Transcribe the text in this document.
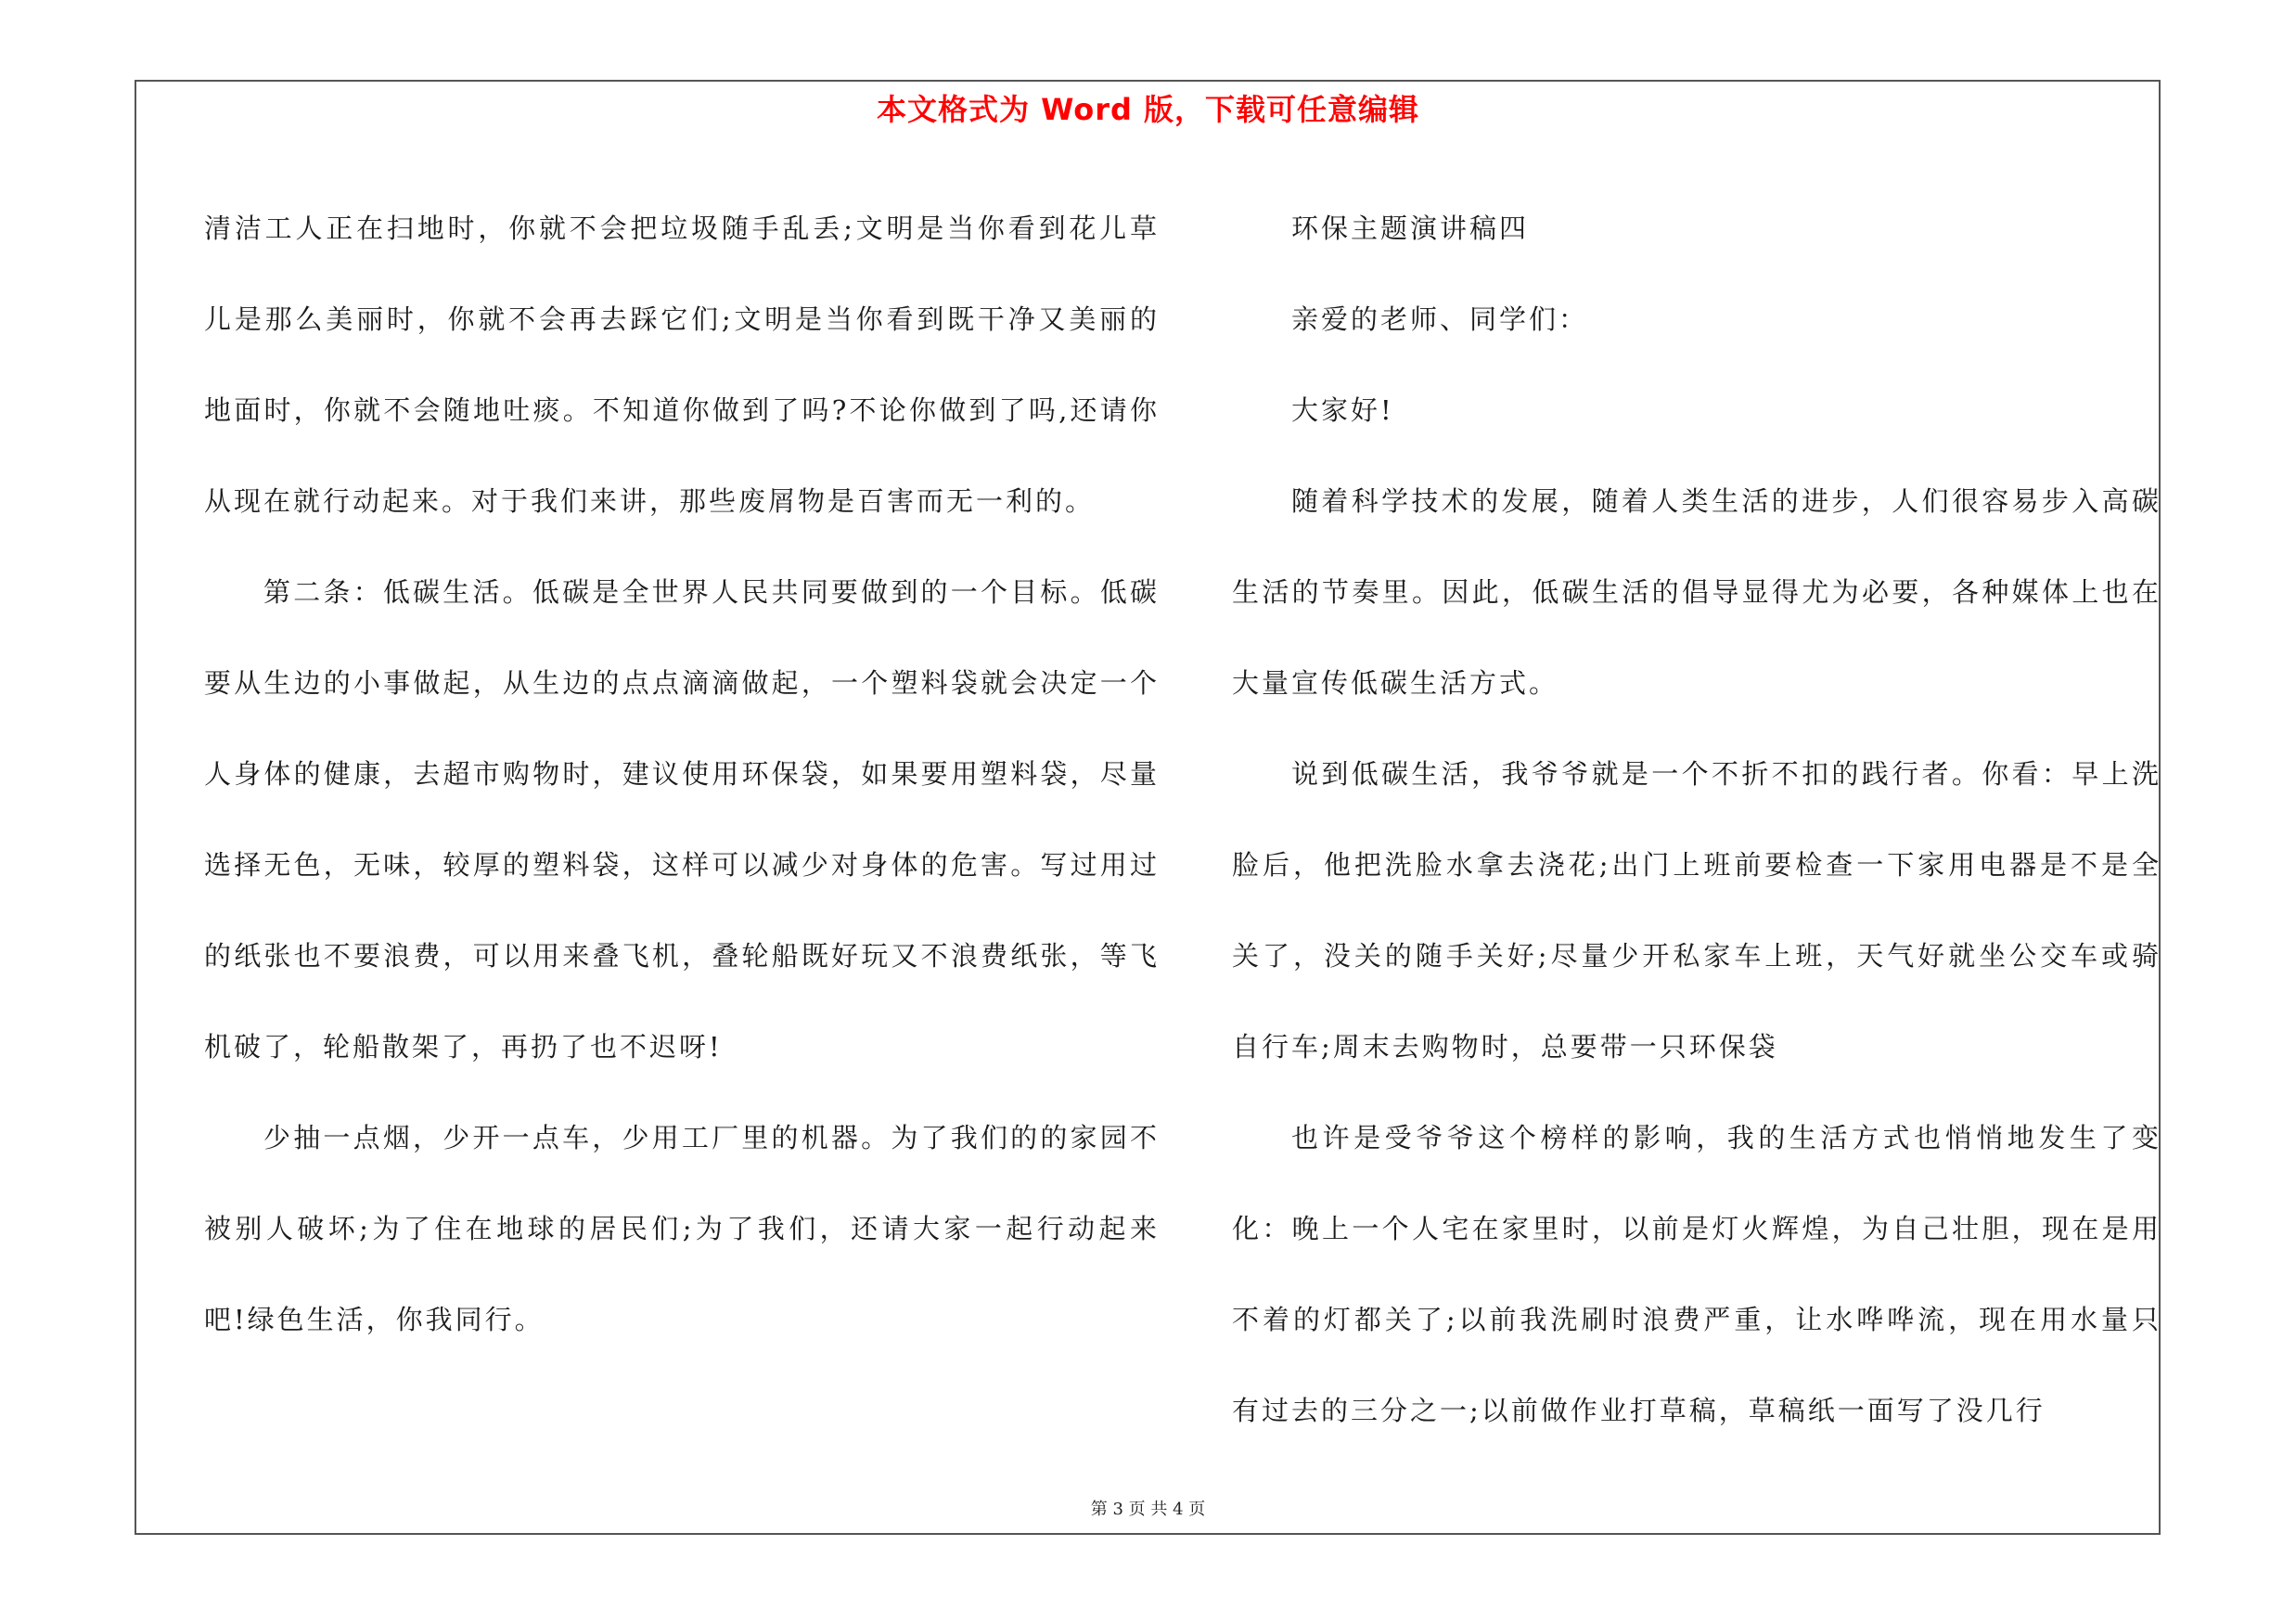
本文格式为 Word 版，下载可任意编辑

清洁工人正在扫地时，你就不会把垃圾随手乱丢;文明是当你看到花儿草儿是那么美丽时，你就不会再去踩它们;文明是当你看到既干净又美丽的地面时，你就不会随地吐痰。不知道你做到了吗?不论你做到了吗,还请你从现在就行动起来。对于我们来讲，那些废屑物是百害而无一利的。

第二条：低碳生活。低碳是全世界人民共同要做到的一个目标。低碳要从生边的小事做起，从生边的点点滴滴做起，一个塑料袋就会决定一个人身体的健康，去超市购物时，建议使用环保袋，如果要用塑料袋，尽量选择无色，无味，较厚的塑料袋，这样可以减少对身体的危害。写过用过的纸张也不要浪费，可以用来叠飞机，叠轮船既好玩又不浪费纸张，等飞机破了，轮船散架了，再扔了也不迟呀!

少抽一点烟，少开一点车，少用工厂里的机器。为了我们的的家园不被别人破坏;为了住在地球的居民们;为了我们，还请大家一起行动起来吧!绿色生活，你我同行。

环保主题演讲稿四

亲爱的老师、同学们：

大家好!

随着科学技术的发展，随着人类生活的进步，人们很容易步入高碳生活的节奏里。因此，低碳生活的倡导显得尤为必要，各种媒体上也在大量宣传低碳生活方式。

说到低碳生活，我爷爷就是一个不折不扣的践行者。你看：早上洗脸后，他把洗脸水拿去浇花;出门上班前要检查一下家用电器是不是全关了，没关的随手关好;尽量少开私家车上班，天气好就坐公交车或骑自行车;周末去购物时，总要带一只环保袋

也许是受爷爷这个榜样的影响，我的生活方式也悄悄地发生了变化：晚上一个人宅在家里时，以前是灯火辉煌，为自己壮胆，现在是用不着的灯都关了;以前我洗刷时浪费严重，让水哗哗流，现在用水量只有过去的三分之一;以前做作业打草稿，草稿纸一面写了没几行

第 3 页 共 4 页
